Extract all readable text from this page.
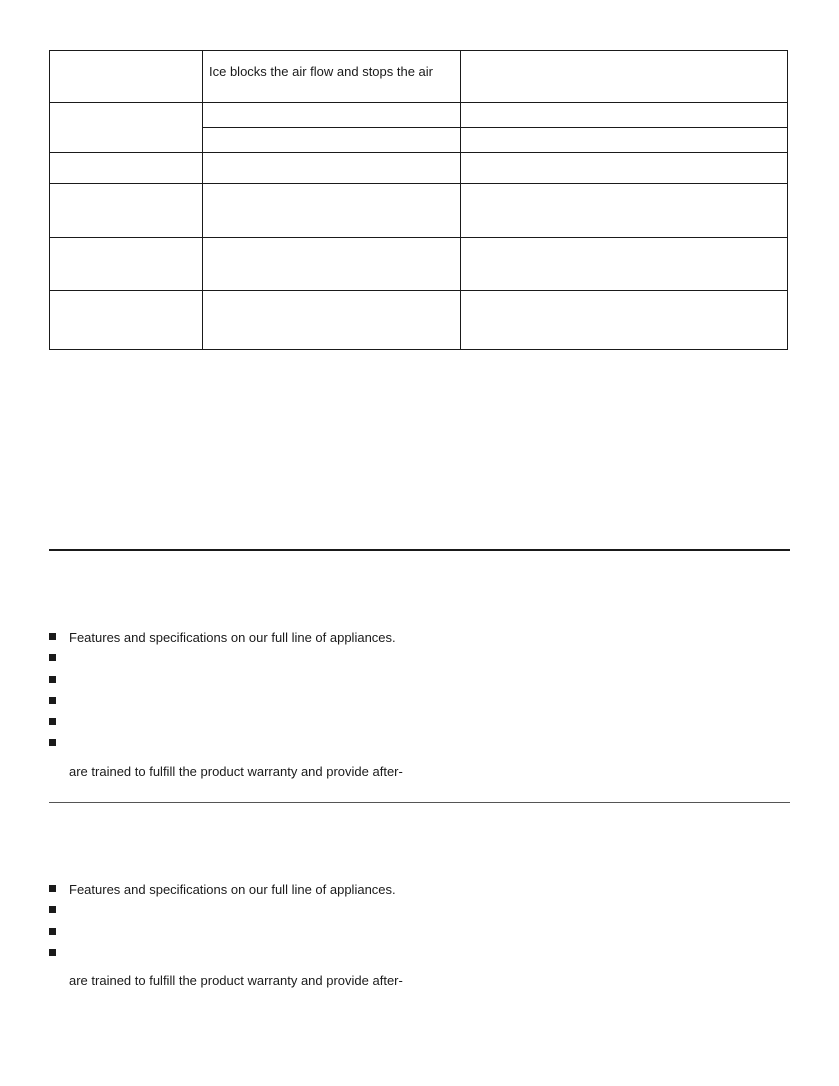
	Ice blocks the air flow and stops the air	

Features and specifications on our full line of appliances.
are trained to fulfill the product warranty and provide after-
Features and specifications on our full line of appliances.
are trained to fulfill the product warranty and provide after-
